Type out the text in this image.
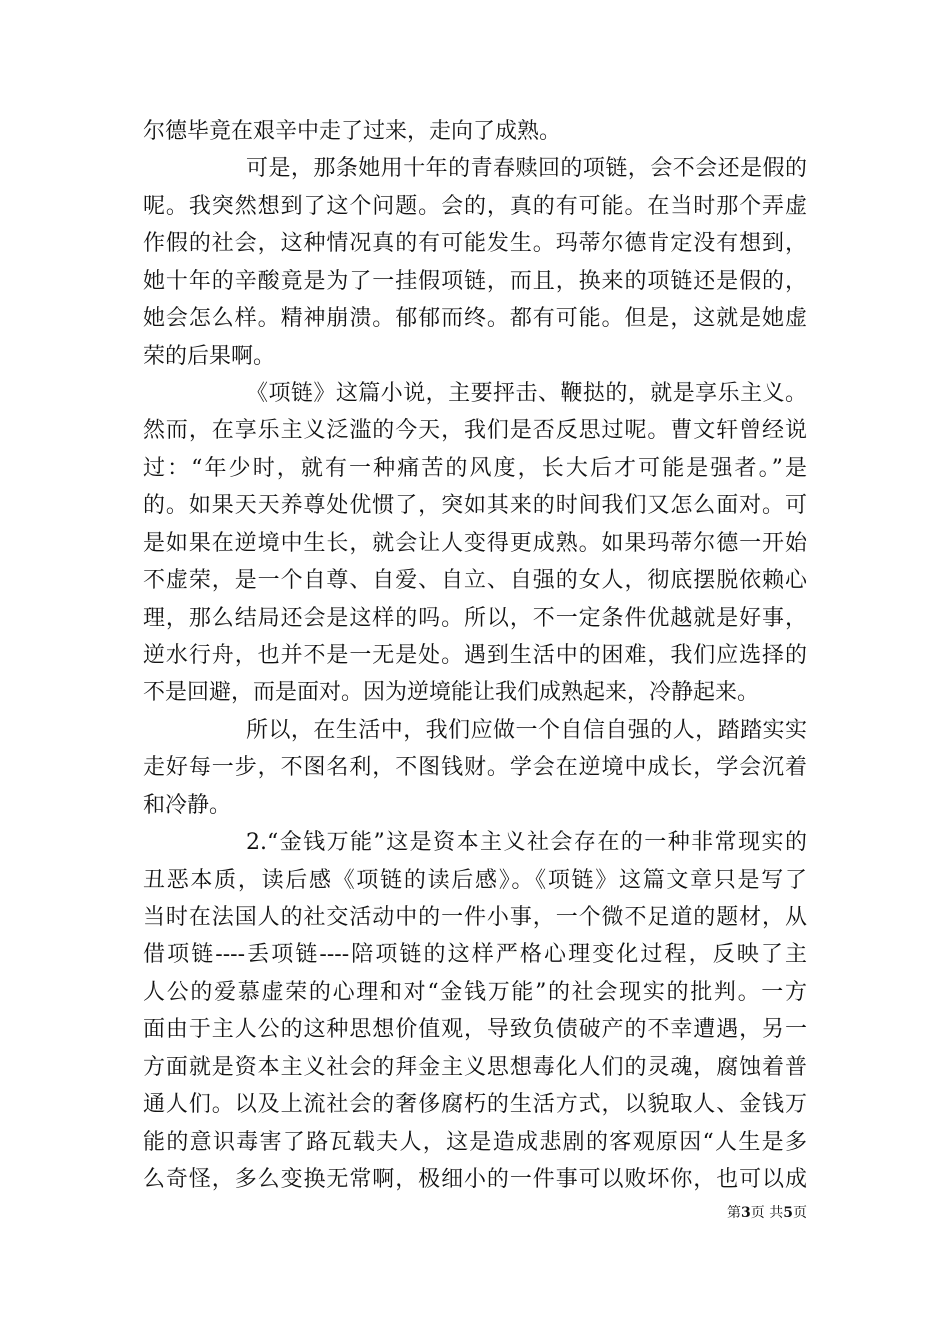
尔德毕竟在艰辛中走了过来，走向了成熟。
可是，那条她用十年的青春赎回的项链，会不会还是假的
呢。我突然想到了这个问题。会的，真的有可能。在当时那个弄虚
作假的社会，这种情况真的有可能发生。玛蒂尔德肯定没有想到，
她十年的辛酸竟是为了一挂假项链，而且，换来的项链还是假的，
她会怎么样。精神崩溃。郁郁而终。都有可能。但是，这就是她虚
荣的后果啊。
《项链》这篇小说，主要抨击、鞭挞的，就是享乐主义。
然而，在享乐主义泛滥的今天，我们是否反思过呢。曹文轩曾经说
过：“年少时，就有一种痛苦的风度，长大后才可能是强者。”是
的。如果天天养尊处优惯了，突如其来的时间我们又怎么面对。可
是如果在逆境中生长，就会让人变得更成熟。如果玛蒂尔德一开始
不虚荣，是一个自尊、自爱、自立、自强的女人，彻底摆脱依赖心
理，那么结局还会是这样的吗。所以，不一定条件优越就是好事，
逆水行舟，也并不是一无是处。遇到生活中的困难，我们应选择的
不是回避，而是面对。因为逆境能让我们成熟起来，冷静起来。
所以，在生活中，我们应做一个自信自强的人，踏踏实实
走好每一步，不图名利，不图钱财。学会在逆境中成长，学会沉着
和冷静。
2.“金钱万能”这是资本主义社会存在的一种非常现实的
丑恶本质，读后感《项链的读后感》。《项链》这篇文章只是写了
当时在法国人的社交活动中的一件小事，一个微不足道的题材，从
借项链----丢项链----陪项链的这样严格心理变化过程，反映了主
人公的爱慕虚荣的心理和对“金钱万能”的社会现实的批判。一方
面由于主人公的这种思想价值观，导致负债破产的不幸遭遇，另一
方面就是资本主义社会的拜金主义思想毒化人们的灵魂，腐蚀着普
通人们。以及上流社会的奢侈腐朽的生活方式，以貌取人、金钱万
能的意识毒害了路瓦载夫人，这是造成悲剧的客观原因“人生是多
么奇怪，多么变换无常啊，极细小的一件事可以败坏你，也可以成
第3页 共5页
